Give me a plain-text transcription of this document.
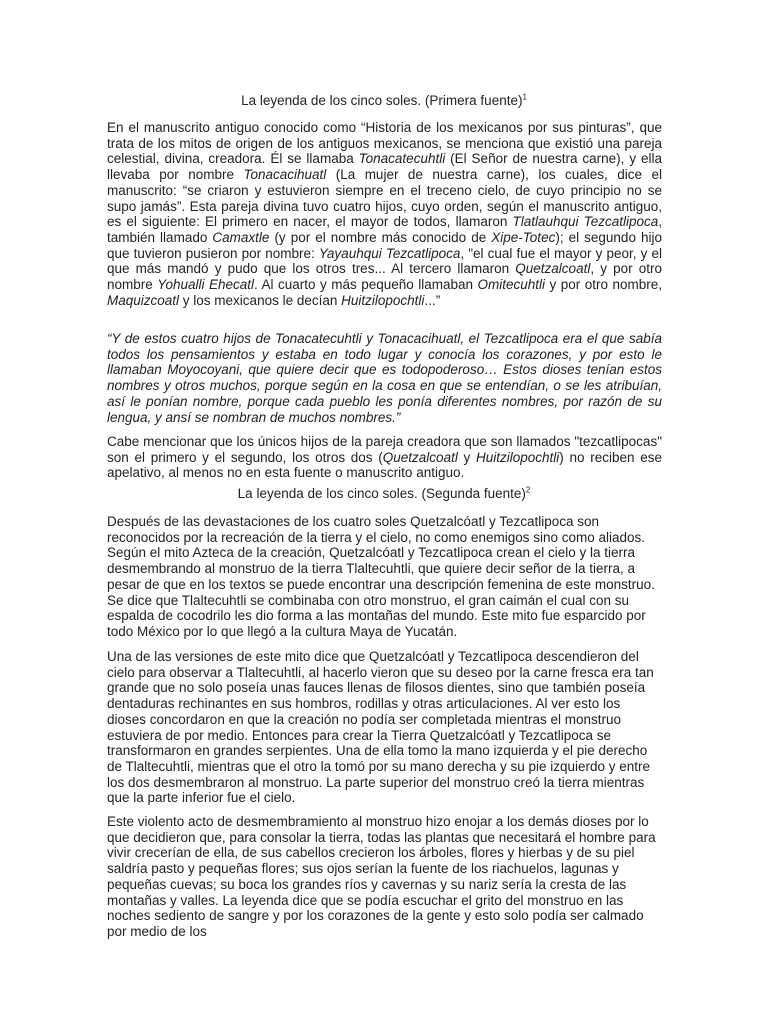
La leyenda de los cinco soles. (Primera fuente)$^1$

En el manuscrito antiguo conocido como “Historia de los mexicanos por sus pinturas”, que trata de los mitos de origen de los antiguos mexicanos, se menciona que existió una pareja celestial, divina, creadora. Él se llamaba Tonacatecuhtli (El Señor de nuestra carne), y ella llevaba por nombre Tonacacihuatl (La mujer de nuestra carne), los cuales, dice el manuscrito: “se criaron y estuvieron siempre en el treceno cielo, de cuyo principio no se supo jamás”. Esta pareja divina tuvo cuatro hijos, cuyo orden, según el manuscrito antiguo, es el siguiente: El primero en nacer, el mayor de todos, llamaron Tlatlauhqui Tezcatlipoca, también llamado Camaxtle (y por el nombre más conocido de Xipe-Totec); el segundo hijo que tuvieron pusieron por nombre: Yayauhqui Tezcatlipoca, "el cual fue el mayor y peor, y el que más mandó y pudo que los otros tres... Al tercero llamaron Quetzalcoatl, y por otro nombre Yohualli Ehecatl. Al cuarto y más pequeño llamaban Omitecuhtli y por otro nombre, Maquizcoatl y los mexicanos le decían Huitzilopochtli...”

“Y de estos cuatro hijos de Tonacatecuhtli y Tonacacihuatl, el Tezcatlipoca era el que sabía todos los pensamientos y estaba en todo lugar y conocía los corazones, y por esto le llamaban Moyocoyani, que quiere decir que es todopoderoso… Estos dioses tenían estos nombres y otros muchos, porque según en la cosa en que se entendían, o se les atribuían, así le ponían nombre, porque cada pueblo les ponía diferentes nombres, por razón de su lengua, y ansí se nombran de muchos nombres.”

Cabe mencionar que los únicos hijos de la pareja creadora que son llamados "tezcatlipocas" son el primero y el segundo, los otros dos (Quetzalcoatl y Huitzilopochtli) no reciben ese apelativo, al menos no en esta fuente o manuscrito antiguo.

La leyenda de los cinco soles. (Segunda fuente)$^2$

Después de las devastaciones de los cuatro soles Quetzalcóatl y Tezcatlipoca son reconocidos por la recreación de la tierra y el cielo, no como enemigos sino como aliados. Según el mito Azteca de la creación, Quetzalcóatl y Tezcatlipoca crean el cielo y la tierra desmembrando al monstruo de la tierra Tlaltecuhtli, que quiere decir señor de la tierra, a pesar de que en los textos se puede encontrar una descripción femenina de este monstruo. Se dice que Tlaltecuhtli se combinaba con otro monstruo, el gran caimán el cual con su espalda de cocodrilo les dio forma a las montañas del mundo. Este mito fue esparcido por todo México por lo que llegó a la cultura Maya de Yucatán.

Una de las versiones de este mito dice que Quetzalcóatl y Tezcatlipoca descendieron del cielo para observar a Tlaltecuhtli, al hacerlo vieron que su deseo por la carne fresca era tan grande que no solo poseía unas fauces llenas de filosos dientes, sino que también poseía dentaduras rechinantes en sus hombros, rodillas y otras articulaciones. Al ver esto los dioses concordaron en que la creación no podía ser completada mientras el monstruo estuviera de por medio. Entonces para crear la Tierra Quetzalcóatl y Tezcatlipoca se transformaron en grandes serpientes. Una de ella tomo la mano izquierda y el pie derecho de Tlaltecuhtli, mientras que el otro la tomó por su mano derecha y su pie izquierdo y entre los dos desmembraron al monstruo. La parte superior del monstruo creó la tierra mientras que la parte inferior fue el cielo.

Este violento acto de desmembramiento al monstruo hizo enojar a los demás dioses por lo que decidieron que, para consolar la tierra, todas las plantas que necesitará el hombre para vivir crecerían de ella, de sus cabellos crecieron los árboles, flores y hierbas y de su piel saldría pasto y pequeñas flores; sus ojos serían la fuente de los riachuelos, lagunas y pequeñas cuevas; su boca los grandes ríos y cavernas y su nariz sería la cresta de las montañas y valles. La leyenda dice que se podía escuchar el grito del monstruo en las noches sediento de sangre y por los corazones de la gente y esto solo podía ser calmado por medio de los
